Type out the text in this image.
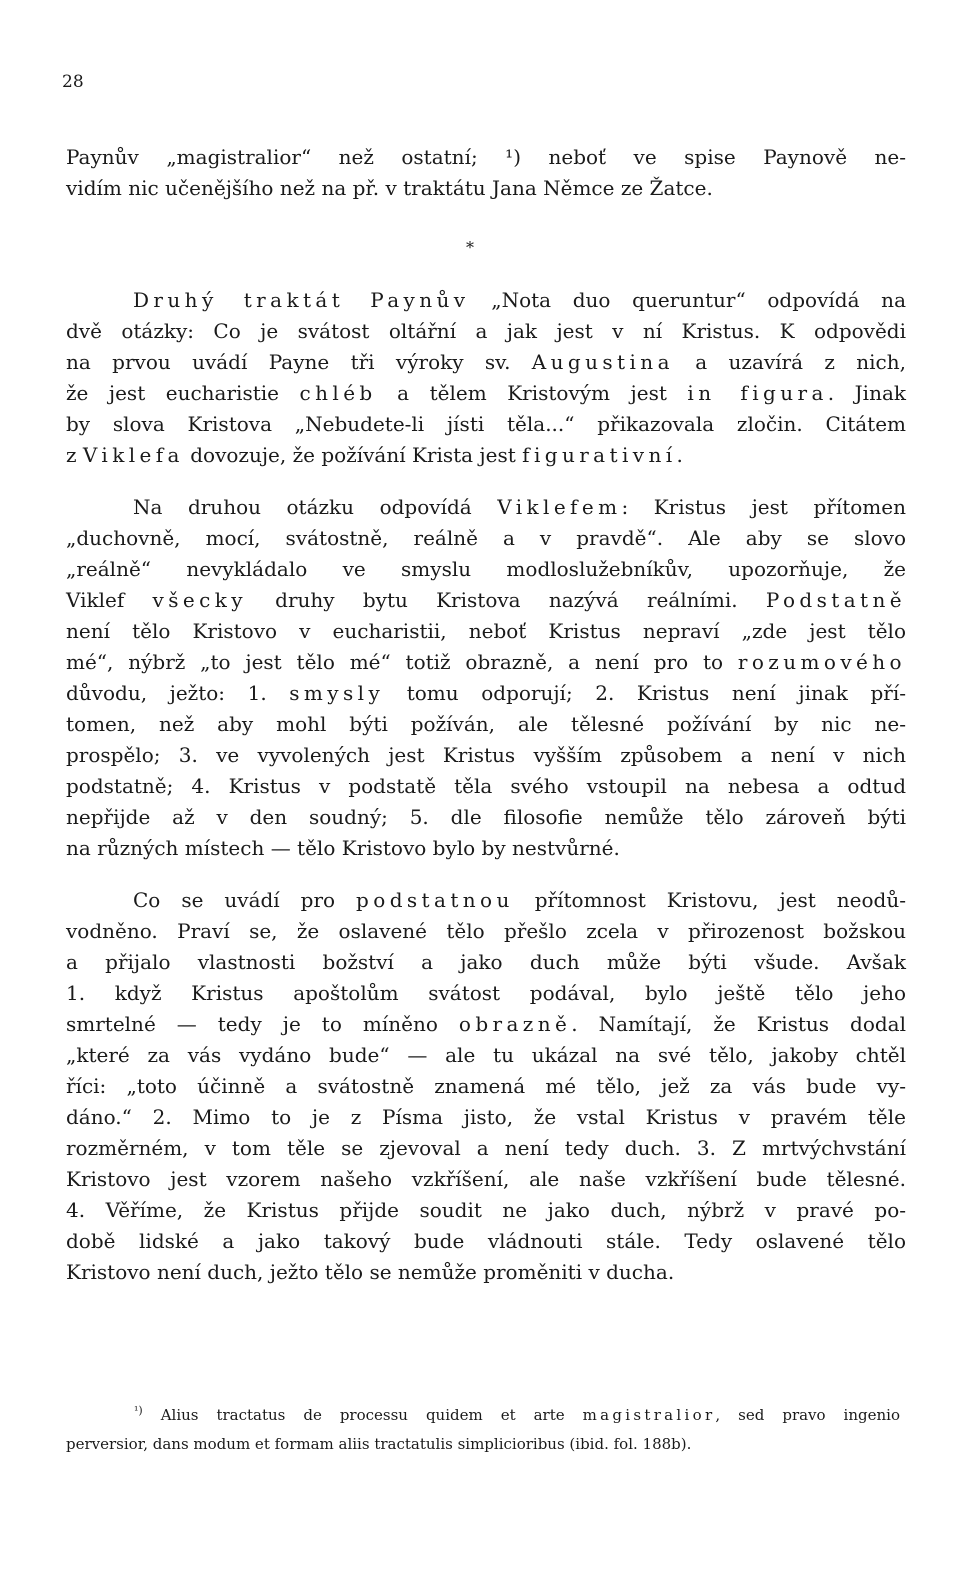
28
Paynův „magistralior“ než ostatní; ¹) neboť ve spise Paynově ne-
vidím nic učenějšího než na př. v traktátu Jana Němce ze Žatce.
Druhý traktát Paynův „Nota duo queruntur“ odpovídá na
dvě otázky: Co je svátost oltářní a jak jest v ní Kristus. K odpovědi
na prvou uvádí Payne tři výroky sv. Augustina a uzavírá z nich,
že jest eucharistie chléb a tělem Kristovým jest in figura. Jinak
by slova Kristova „Nebudete-li jísti těla...“ přikazovala zločin. Citátem
z Viklefa dovozuje, že požívání Krista jest figurativní.
Na druhou otázku odpovídá Viklefem: Kristus jest přítomen
„duchovně, mocí, svátostně, reálně a v pravdě“. Ale aby se slovo
„reálně“ nevykládalo ve smyslu modloslužebníkův, upozorňuje, že
Viklef všecky druhy bytu Kristova nazývá reálními. Podstatně
není tělo Kristovo v eucharistii, neboť Kristus nepraví „zde jest tělo
mé“, nýbrž „to jest tělo mé“ totiž obrazně, a není pro to rozumového
důvodu, ježto: 1. smysly tomu odporují; 2. Kristus není jinak pří-
tomen, než aby mohl býti požíván, ale tělesné požívání by nic ne-
prospělo; 3. ve vyvolených jest Kristus vyšším způsobem a není v nich
podstatně; 4. Kristus v podstatě těla svého vstoupil na nebesa a odtud
nepřijde až v den soudný; 5. dle filosofie nemůže tělo zároveň býti
na různých místech — tělo Kristovo bylo by nestvůrné.
Co se uvádí pro podstatnou přítomnost Kristovu, jest neodů-
vodněno. Praví se, že oslavené tělo přešlo zcela v přirozenost božskou
a přijalo vlastnosti božství a jako duch může býti všude. Avšak
1. když Kristus apoštolům svátost podával, bylo ještě tělo jeho
smrtelné — tedy je to míněno obrazně. Namítají, že Kristus dodal
„které za vás vydáno bude“ — ale tu ukázal na své tělo, jakoby chtěl
říci: „toto účinně a svátostně znamená mé tělo, jež za vás bude vy-
dáno.“ 2. Mimo to je z Písma jisto, že vstal Kristus v pravém těle
rozměrném, v tom těle se zjevoval a není tedy duch. 3. Z mrtvýchvstání
Kristovo jest vzorem našeho vzkříšení, ale naše vzkříšení bude tělesné.
4. Věříme, že Kristus přijde soudit ne jako duch, nýbrž v pravé po-
době lidské a jako takový bude vládnouti stále. Tedy oslavené tělo
Kristovo není duch, ježto tělo se nemůže proměniti v ducha.
*
$^{^1)}$ Alius tractatus de processu quidem et arte magistralior, sed pravo ingenio
perversior, dans modum et formam aliis tractatulis simplicioribus (ibid. fol. 188b).
